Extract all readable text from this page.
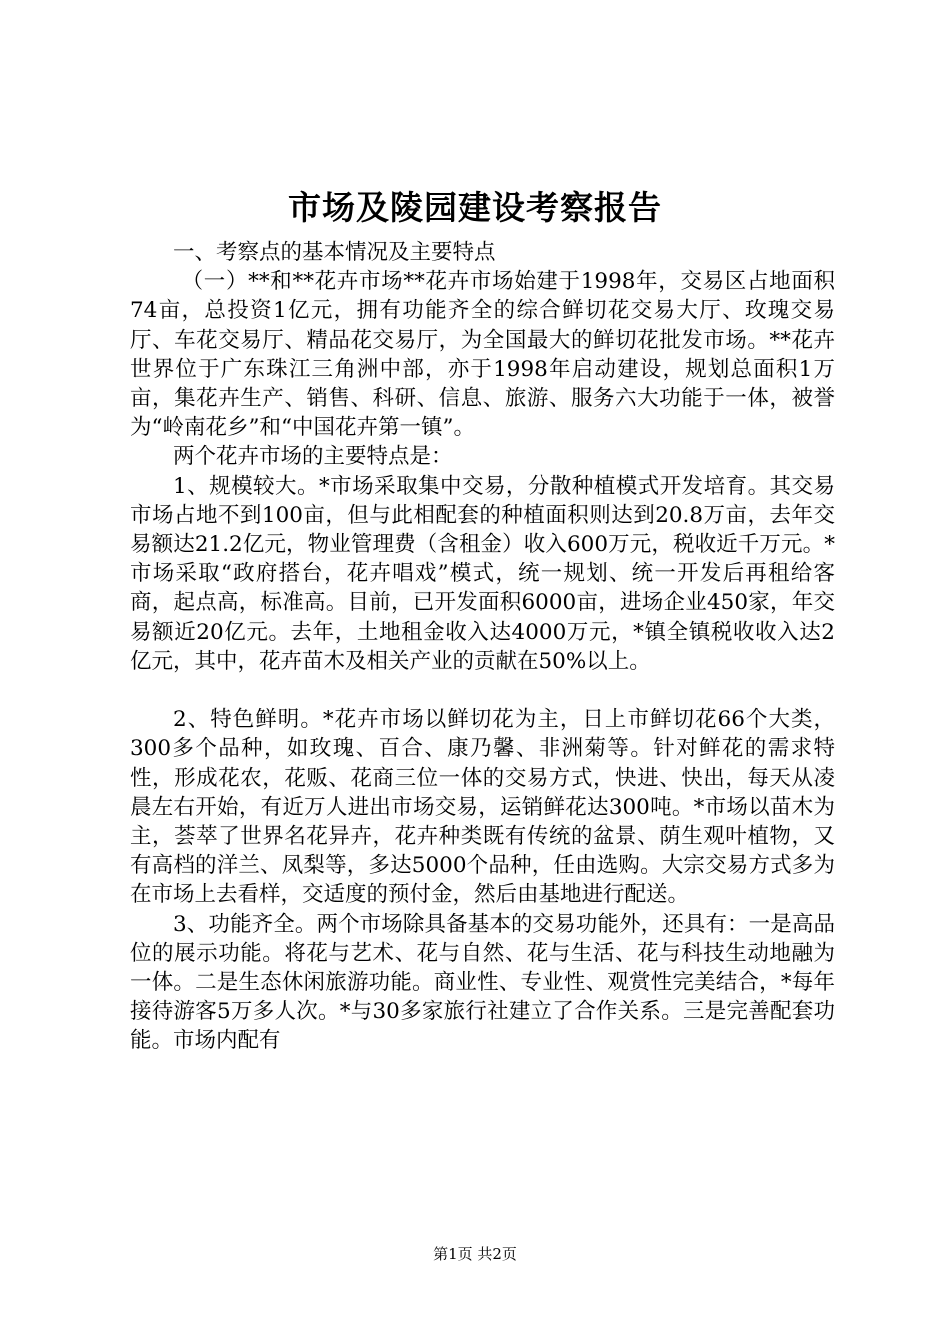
市场及陵园建设考察报告

一、考察点的基本情况及主要特点

（一）**和**花卉市场**花卉市场始建于1998年，交易区占地面积74亩，总投资1亿元，拥有功能齐全的综合鲜切花交易大厅、玫瑰交易厅、车花交易厅、精品花交易厅，为全国最大的鲜切花批发市场。**花卉世界位于广东珠江三角洲中部，亦于1998年启动建设，规划总面积1万亩，集花卉生产、销售、科研、信息、旅游、服务六大功能于一体，被誉为“岭南花乡”和“中国花卉第一镇”。

两个花卉市场的主要特点是：

1、规模较大。*市场采取集中交易，分散种植模式开发培育。其交易市场占地不到100亩，但与此相配套的种植面积则达到20.8万亩，去年交易额达21.2亿元，物业管理费（含租金）收入600万元，税收近千万元。*市场采取“政府搭台，花卉唱戏”模式，统一规划、统一开发后再租给客商，起点高，标准高。目前，已开发面积6000亩，进场企业450家，年交易额近20亿元。去年，土地租金收入达4000万元，*镇全镇税收收入达2亿元，其中，花卉苗木及相关产业的贡献在50%以上。

2、特色鲜明。*花卉市场以鲜切花为主，日上市鲜切花66个大类，300多个品种，如玫瑰、百合、康乃馨、非洲菊等。针对鲜花的需求特性，形成花农，花贩、花商三位一体的交易方式，快进、快出，每天从凌晨左右开始，有近万人进出市场交易，运销鲜花达300吨。*市场以苗木为主，荟萃了世界名花异卉，花卉种类既有传统的盆景、荫生观叶植物，又有高档的洋兰、凤梨等，多达5000个品种，任由选购。大宗交易方式多为在市场上去看样，交适度的预付金，然后由基地进行配送。

3、功能齐全。两个市场除具备基本的交易功能外，还具有：一是高品位的展示功能。将花与艺术、花与自然、花与生活、花与科技生动地融为一体。二是生态休闲旅游功能。商业性、专业性、观赏性完美结合，*每年接待游客5万多人次。*与30多家旅行社建立了合作关系。三是完善配套功能。市场内配有

第1页 共2页
